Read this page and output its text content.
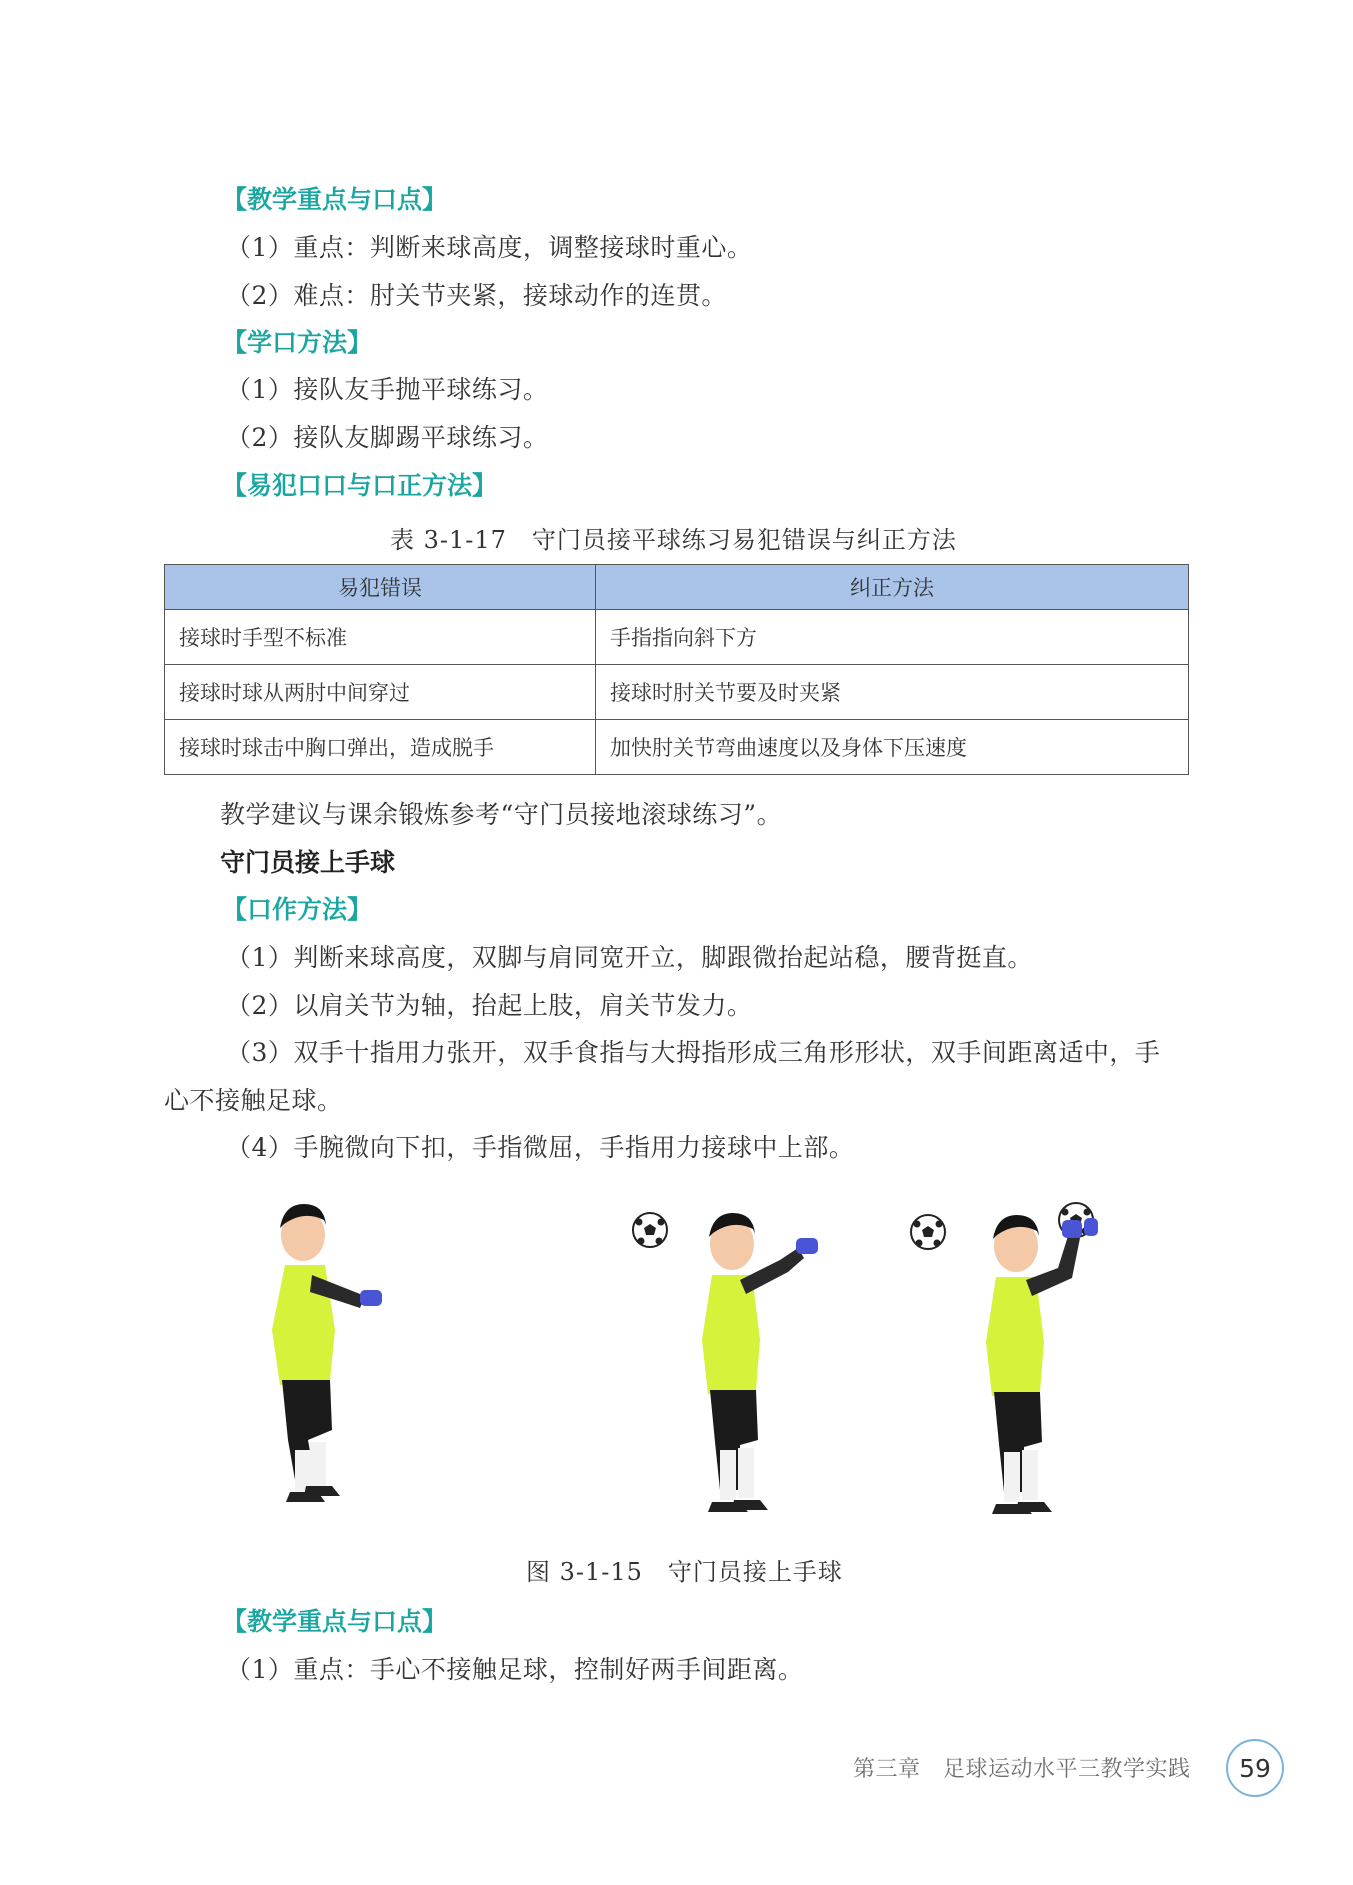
【教学重点与口点】
（1）重点：判断来球高度，调整接球时重心。
（2）难点：肘关节夹紧，接球动作的连贯。
【学口方法】
（1）接队友手抛平球练习。
（2）接队友脚踢平球练习。
【易犯口口与口正方法】
表 3-1-17　守门员接平球练习易犯错误与纠正方法
易犯错误	纠正方法
接球时手型不标准	手指指向斜下方
接球时球从两肘中间穿过	接球时肘关节要及时夹紧
接球时球击中胸口弹出，造成脱手	加快肘关节弯曲速度以及身体下压速度
教学建议与课余锻炼参考“守门员接地滚球练习”。
守门员接上手球
【口作方法】
（1）判断来球高度，双脚与肩同宽开立，脚跟微抬起站稳，腰背挺直。
（2）以肩关节为轴，抬起上肢，肩关节发力。
（3）双手十指用力张开，双手食指与大拇指形成三角形形状，双手间距离适中，手
心不接触足球。
（4）手腕微向下扣，手指微屈，手指用力接球中上部。
图 3-1-15　守门员接上手球
【教学重点与口点】
（1）重点：手心不接触足球，控制好两手间距离。
第三章　足球运动水平三教学实践	59
